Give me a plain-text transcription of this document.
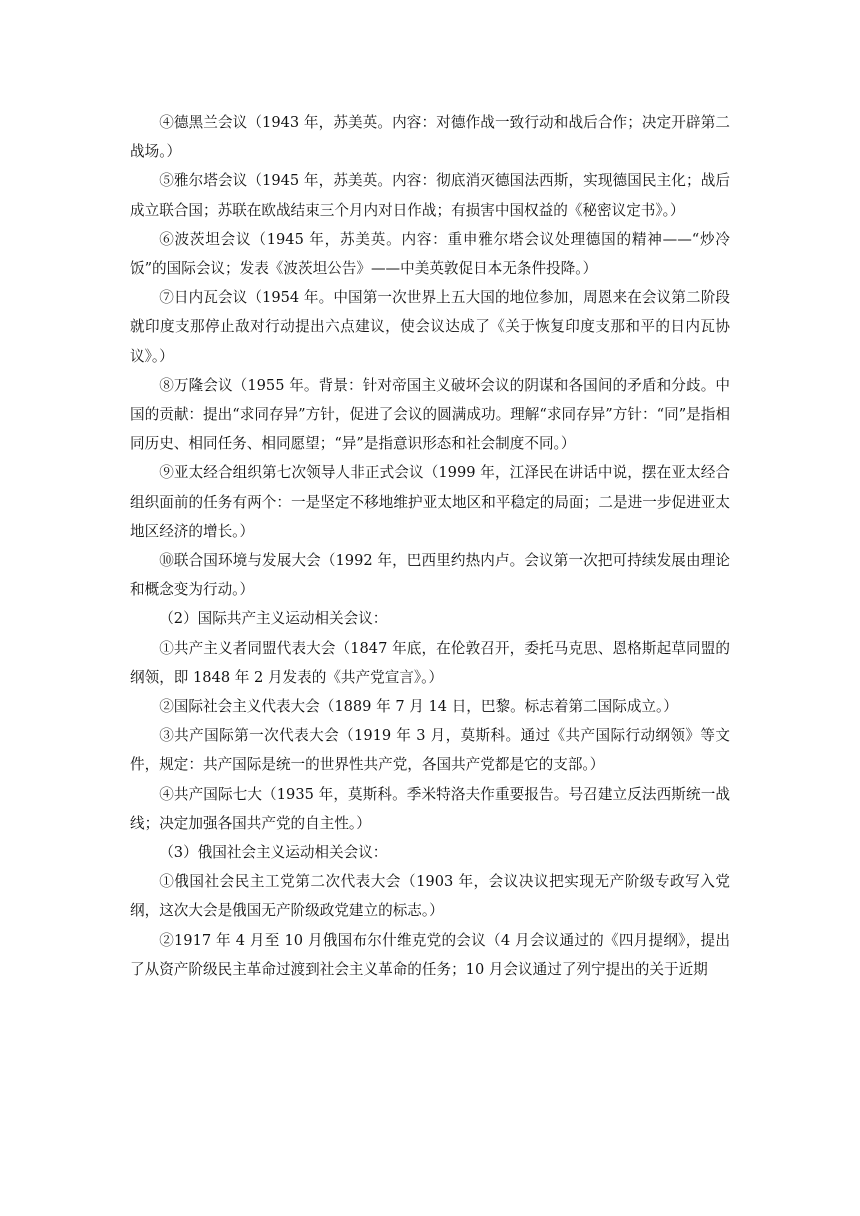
④德黑兰会议（1943 年，苏美英。内容：对德作战一致行动和战后合作；决定开辟第二战场。）

⑤雅尔塔会议（1945 年，苏美英。内容：彻底消灭德国法西斯，实现德国民主化；战后成立联合国；苏联在欧战结束三个月内对日作战；有损害中国权益的《秘密议定书》。）

⑥波茨坦会议（1945 年，苏美英。内容：重申雅尔塔会议处理德国的精神——“炒冷饭”的国际会议；发表《波茨坦公告》——中美英敦促日本无条件投降。）

⑦日内瓦会议（1954 年。中国第一次世界上五大国的地位参加，周恩来在会议第二阶段就印度支那停止敌对行动提出六点建议，使会议达成了《关于恢复印度支那和平的日内瓦协议》。）

⑧万隆会议（1955 年。背景：针对帝国主义破坏会议的阴谋和各国间的矛盾和分歧。中国的贡献：提出“求同存异”方针，促进了会议的圆满成功。理解“求同存异”方针：“同”是指相同历史、相同任务、相同愿望；“异”是指意识形态和社会制度不同。）

⑨亚太经合组织第七次领导人非正式会议（1999 年，江泽民在讲话中说，摆在亚太经合组织面前的任务有两个：一是坚定不移地维护亚太地区和平稳定的局面；二是进一步促进亚太地区经济的增长。）

⑩联合国环境与发展大会（1992 年，巴西里约热内卢。会议第一次把可持续发展由理论和概念变为行动。）

（2）国际共产主义运动相关会议：

①共产主义者同盟代表大会（1847 年底，在伦敦召开，委托马克思、恩格斯起草同盟的纲领，即 1848 年 2 月发表的《共产党宣言》。）

②国际社会主义代表大会（1889 年 7 月 14 日，巴黎。标志着第二国际成立。）

③共产国际第一次代表大会（1919 年 3 月，莫斯科。通过《共产国际行动纲领》等文件，规定：共产国际是统一的世界性共产党，各国共产党都是它的支部。）

④共产国际七大（1935 年，莫斯科。季米特洛夫作重要报告。号召建立反法西斯统一战线；决定加强各国共产党的自主性。）

（3）俄国社会主义运动相关会议：

①俄国社会民主工党第二次代表大会（1903 年，会议决议把实现无产阶级专政写入党纲，这次大会是俄国无产阶级政党建立的标志。）

②1917 年 4 月至 10 月俄国布尔什维克党的会议（4 月会议通过的《四月提纲》，提出了从资产阶级民主革命过渡到社会主义革命的任务；10 月会议通过了列宁提出的关于近期
